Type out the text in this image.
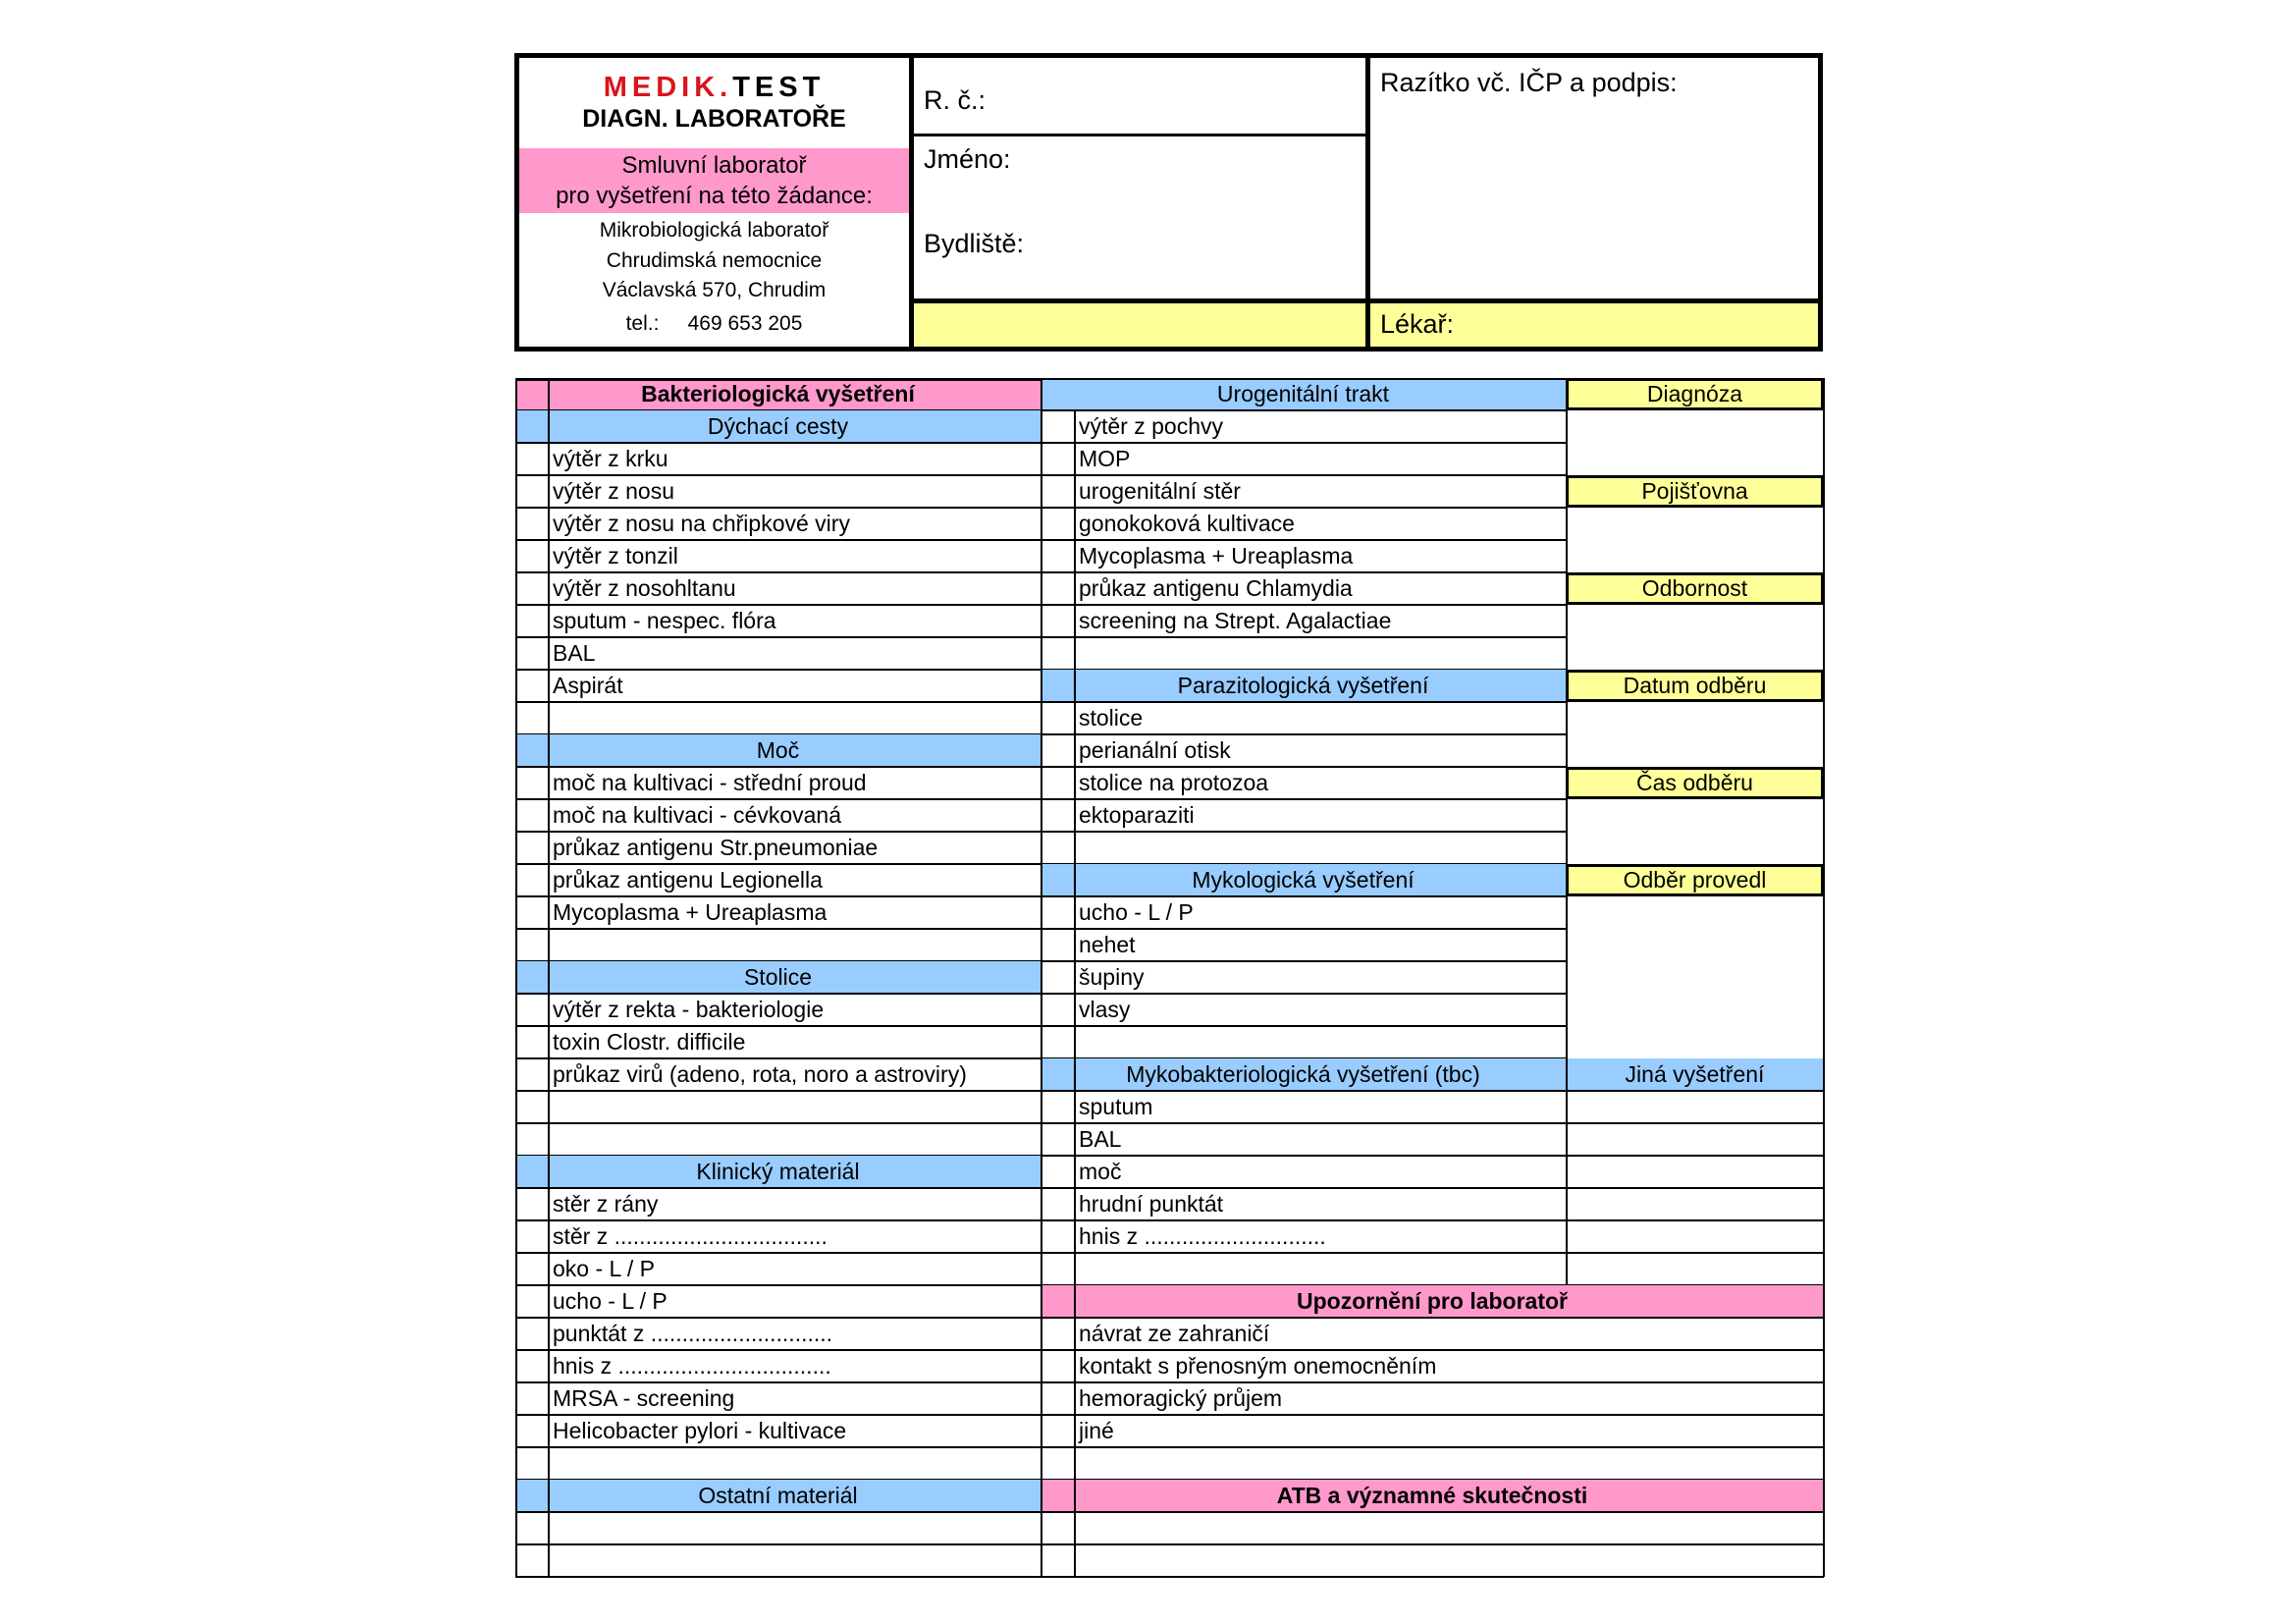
MEDIK.TEST
DIAGN. LABORATOŘE
Smluvní laboratoř
pro vyšetření na této žádance:
Mikrobiologická laboratoř
Chrudimská nemocnice
Václavská 570, Chrudim
tel.: 469 653 205
R. č.:
Jméno:
Bydliště:
Razítko vč. IČP a podpis:
Lékař:
Bakteriologická vyšetření
Dýchací cesty
výtěr z krku
výtěr z nosu
výtěr z nosu na chřipkové viry
výtěr z tonzil
výtěr z nosohltanu
sputum - nespec. flóra
BAL
Aspirát
Moč
moč na kultivaci - střední proud
moč na kultivaci - cévkovaná
průkaz antigenu Str.pneumoniae
průkaz antigenu Legionella
Mycoplasma + Ureaplasma
Stolice
výtěr z rekta - bakteriologie
toxin Clostr. difficile
průkaz virů (adeno, rota, noro a astroviry)
Klinický materiál
stěr z rány
stěr z ..................................
oko - L / P
ucho - L / P
punktát z .............................
hnis z ..................................
MRSA - screening
Helicobacter pylori - kultivace
Ostatní materiál
Urogenitální trakt
výtěr z pochvy
MOP
urogenitální stěr
gonokoková kultivace
Mycoplasma + Ureaplasma
průkaz antigenu Chlamydia
screening na Strept. Agalactiae
Parazitologická vyšetření
stolice
perianální otisk
stolice na protozoa
ektoparaziti
Mykologická vyšetření
ucho - L / P
nehet
šupiny
vlasy
Mykobakteriologická vyšetření (tbc)
sputum
BAL
moč
hrudní punktát
hnis z .............................
Diagnóza
Pojišťovna
Odbornost
Datum odběru
Čas odběru
Odběr provedl
Jiná vyšetření
Upozornění pro laboratoř
návrat ze zahraničí
kontakt s přenosným onemocněním
hemoragický průjem
jiné
ATB a významné skutečnosti
